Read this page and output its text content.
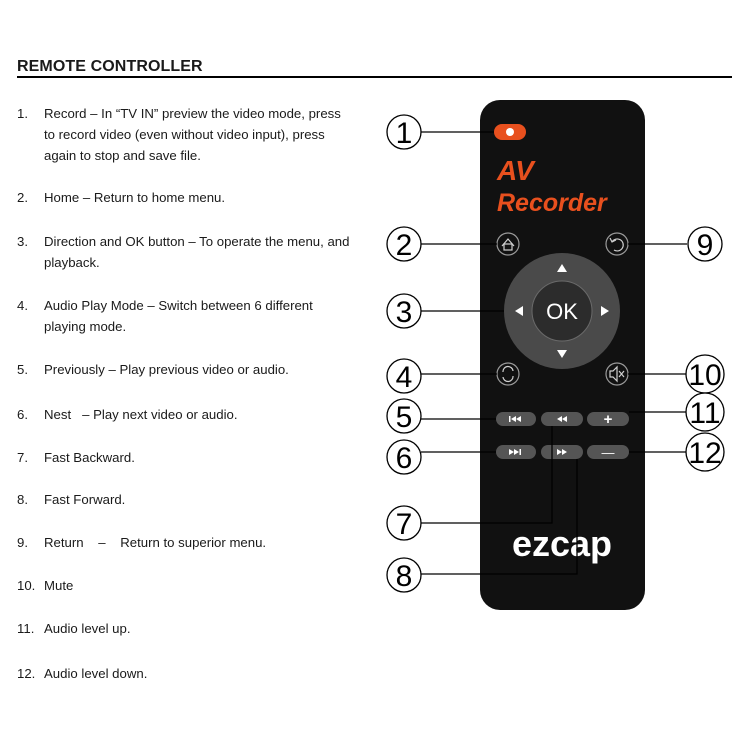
REMOTE CONTROLLER
1.	Record – In “TV IN” preview the video mode, press
to record video (even without video input), press
again to stop and save file.
2.	Home – Return to home menu.
3.	Direction and OK button – To operate the menu, and
playback.
4.	Audio Play Mode – Switch between 6 different
playing mode.
5.	Previously – Play previous video or audio.
6.	Nest   – Play next video or audio.
7.	Fast Backward.
8.	Fast Forward.
9.	Return    –    Return to superior menu.
10. Mute
11. Audio level up.
12. Audio level down.
AV
Recorder
OK
+
—
ezcap
1
2
3
4
5
6
7
8
9
10
11
12
